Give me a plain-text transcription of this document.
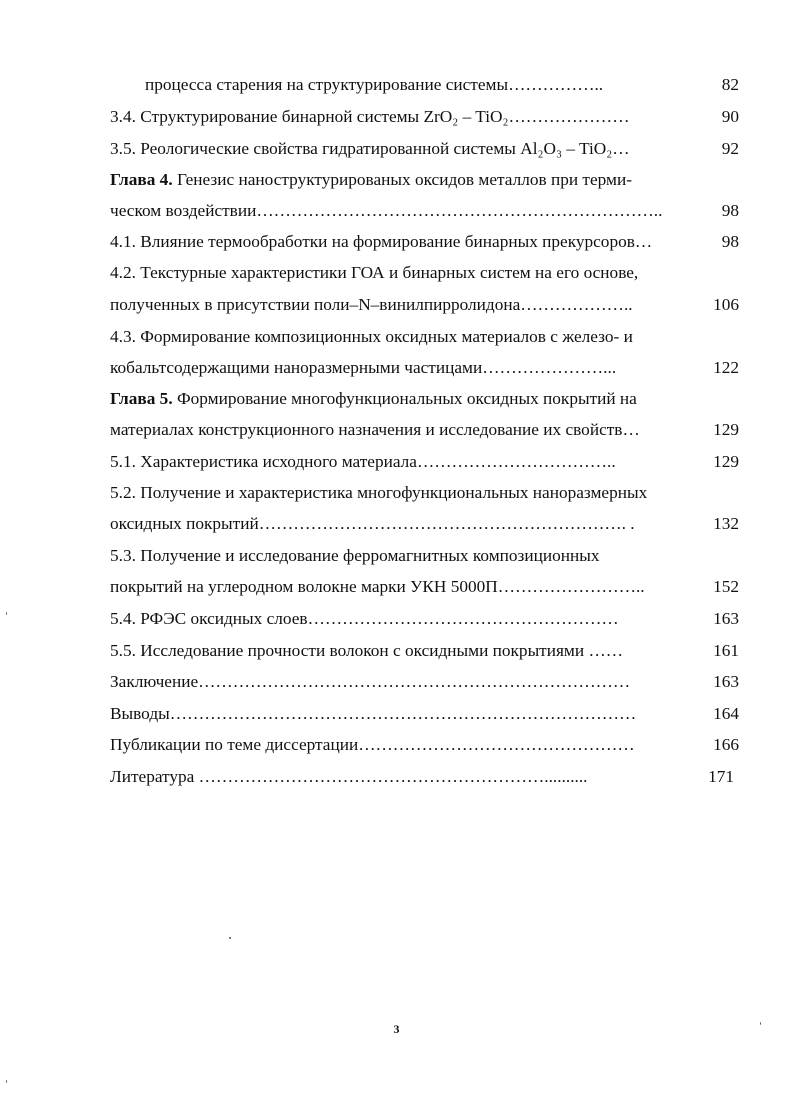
процесса старения на структурирование системы……………..	82
3.4. Структурирование бинарной системы ZrO₂ – TiO₂…………………	90
3.5. Реологические свойства гидратированной системы Al₂O₃ – TiO₂…	92
Глава 4. Генезис наноструктурированых оксидов металлов при терми-
ческом воздействии……………………………………………………………..	98
4.1. Влияние термообработки на формирование бинарных прекурсоров…	98
4.2. Текстурные характеристики ГОА и бинарных систем на его основе,
полученных в присутствии поли–N–винилпирролидона………………..	106
4.3. Формирование композиционных оксидных материалов с железо- и
кобальтсодержащими наноразмерными частицами…………………...	122
Глава 5. Формирование многофункциональных оксидных покрытий на
материалах конструкционного назначения и исследование их свойств…	129
5.1. Характеристика исходного материала……………………………..	129
5.2. Получение и характеристика многофункциональных наноразмерных
оксидных покрытий………………………………………………………. .	132
5.3. Получение и исследование ферромагнитных композиционных
покрытий на углеродном волокне марки УКН 5000П……………………..	152
5.4. РФЭС оксидных слоев………………………………………………	163
5.5. Исследование прочности волокон с оксидными покрытиями ……	161
Заключение…………………………………………………………………	163
Выводы………………………………………………………………………	164
Публикации по теме диссертации…………………………………………	166
Литература ……………………………………………………..........	171
3
